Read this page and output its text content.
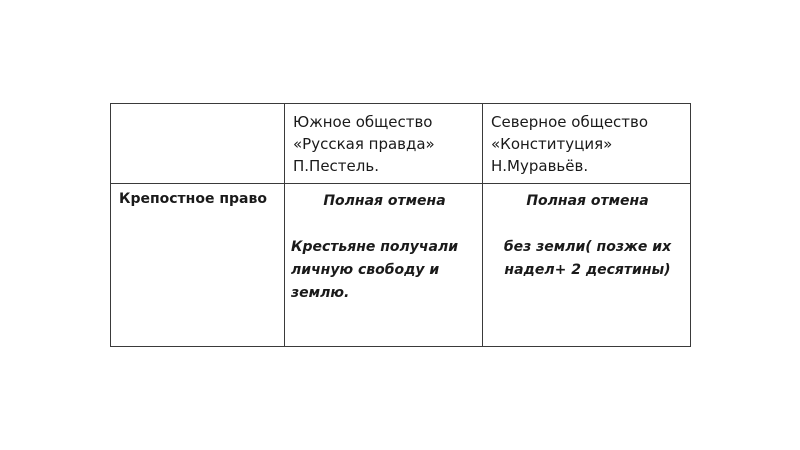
	Южное общество
«Русская правда»
П.Пестель.	Северное общество
«Конституция»
Н.Муравьёв.

Крепостное право	Полная отмена
Крестьяне получали
личную свободу и
землю.	Полная отмена
без земли( позже их
надел+ 2 десятины)
